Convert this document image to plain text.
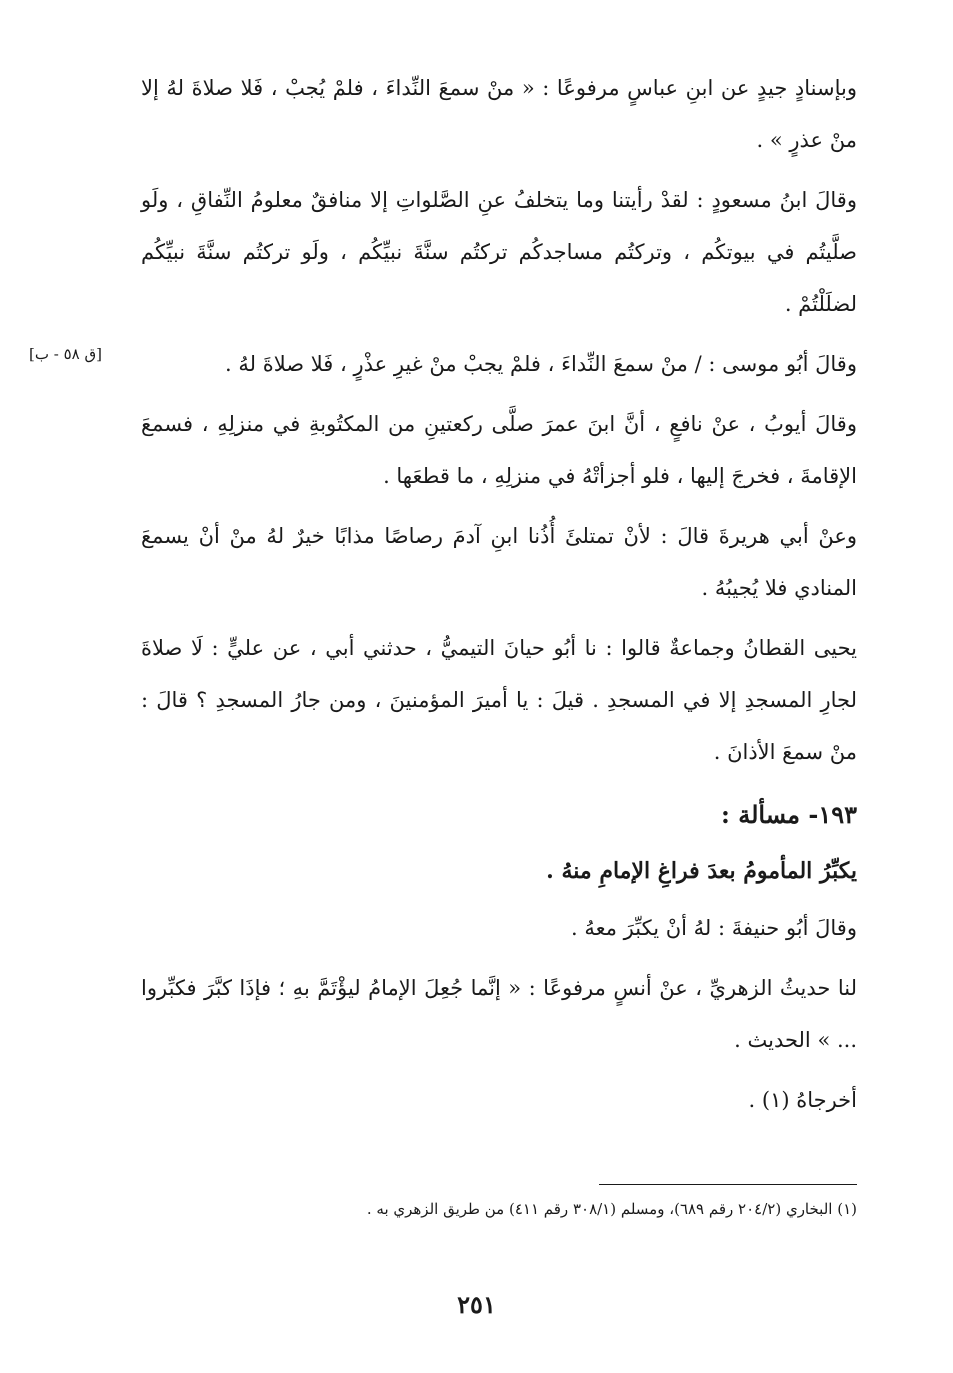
وبإسنادٍ جيدٍ عن ابنِ عباسٍ مرفوعًا : « منْ سمعَ النِّداءَ ، فلمْ يُجبْ ، فَلا صلاةَ لهُ إلا منْ عذرٍ » .

وقالَ ابنُ مسعودٍ : لقدْ رأيتنا وما يتخلفُ عنِ الصَّلواتِ إلا منافقٌ معلومُ النِّفاقِ ، ولَو صلَّيتُم في بيوتكُم ، وتركتُم مساجدكُم تركتُم سنَّةَ نبيِّكُم ، ولَو تركتُم سنَّةَ نبيِّكُم لضلَلْتُمْ .

وقالَ أبُو موسى : / منْ سمعَ النِّداءَ ، فلمْ يجبْ منْ غيرِ عذْرٍ ، فَلا صلاةَ لهُ .
[ق ٥٨ - ب]

وقالَ أيوبُ ، عنْ نافعٍ ، أنَّ ابنَ عمرَ صلَّى ركعتينِ من المكتُوبةِ في منزلِهِ ، فسمعَ الإقامةَ ، فخرجَ إليها ، فلو أجزأتْهُ في منزلِهِ ، ما قطعَها .

وعنْ أبي هريرةَ قالَ : لأنْ تمتلئَ أُذُنا ابنِ آدمَ رصاصًا مذابًا خيرٌ لهُ منْ أنْ يسمعَ المنادي فلا يُجيبُهُ .

يحيى القطانُ وجماعةٌ قالوا : نا أبُو حيانَ التيميُّ ، حدثني أبي ، عن عليٍّ : لَا صلاةَ لجارِ المسجدِ إلا في المسجدِ . قيلَ : يا أميرَ المؤمنينَ ، ومن جارُ المسجدِ ؟ قالَ : منْ سمعَ الأذانَ .

١٩٣- مسألة :

يكبِّرُ المأمومُ بعدَ فراغِ الإمامِ منهُ .

وقالَ أبُو حنيفةَ : لهُ أنْ يكبِّرَ معهُ .

لنا حديثُ الزهريِّ ، عنْ أنسٍ مرفوعًا : « إنَّما جُعِلَ الإمامُ ليؤْتَمَّ بهِ ؛ فإذَا كبَّرَ فكبِّروا ... » الحديث .

أخرجاهُ (١) .

(١) البخاري (٢٠٤/٢ رقم ٦٨٩)، ومسلم (٣٠٨/١ رقم ٤١١) من طريق الزهري به .
٢٥١
